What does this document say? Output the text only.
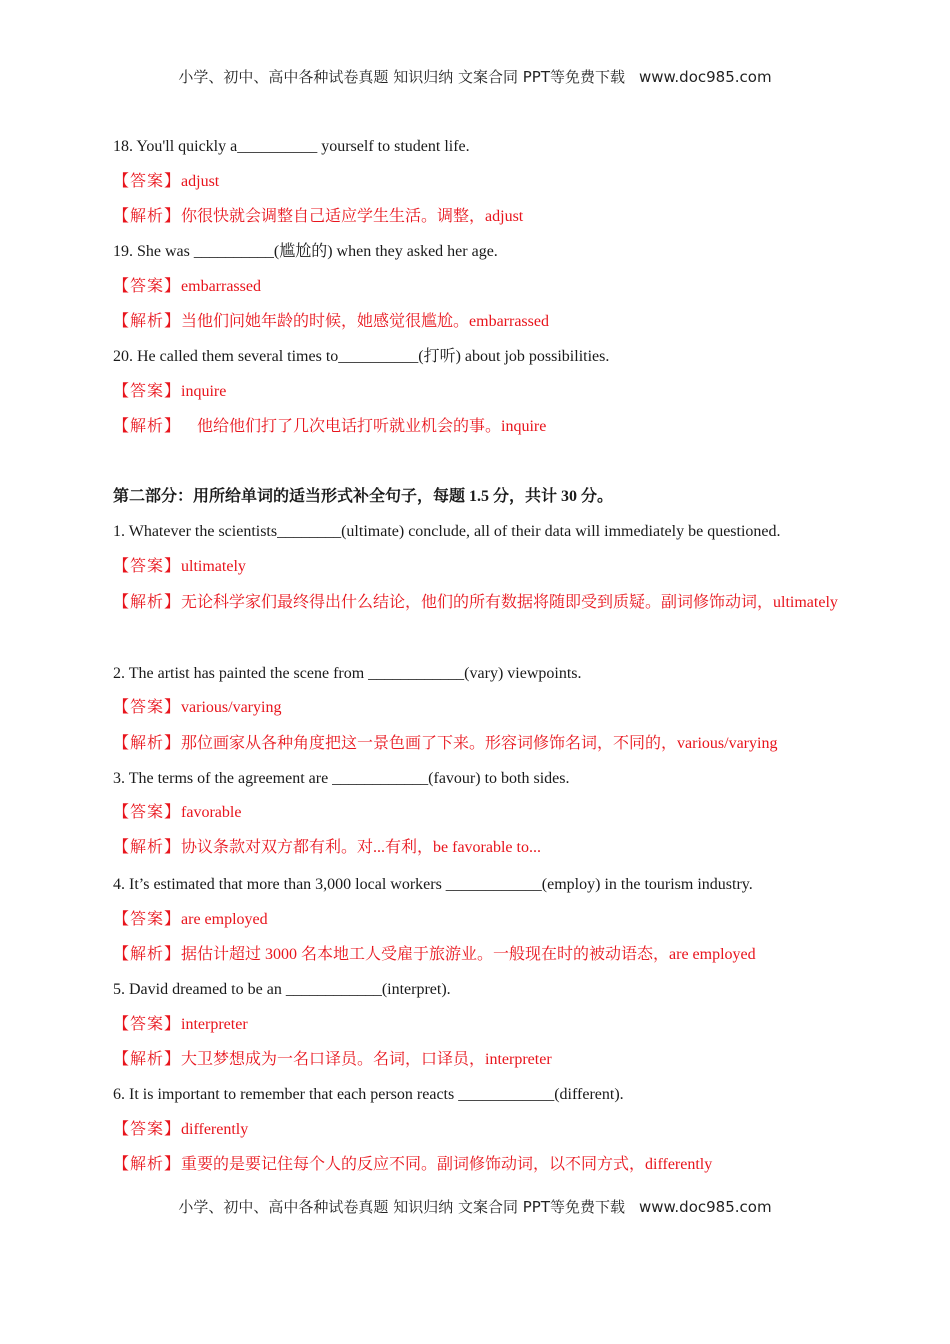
小学、初中、高中各种试卷真题 知识归纳 文案合同 PPT等免费下载 www.doc985.com
18. You'll quickly a__________ yourself to student life.
【答案】adjust
【解析】你很快就会调整自己适应学生生活。调整，adjust
19. She was __________(尴尬的) when they asked her age.
【答案】embarrassed
【解析】当他们问她年龄的时候，她感觉很尴尬。embarrassed
20. He called them several times to__________(打听) about job possibilities.
【答案】inquire
【解析】    他给他们打了几次电话打听就业机会的事。inquire
第二部分：用所给单词的适当形式补全句子，每题 1.5 分，共计 30 分。
1. Whatever the scientists________(ultimate) conclude, all of their data will immediately be questioned.
【答案】ultimately
【解析】无论科学家们最终得出什么结论，他们的所有数据将随即受到质疑。副词修饰动词，ultimately
2. The artist has painted the scene from ____________(vary) viewpoints.
【答案】various/varying
【解析】那位画家从各种角度把这一景色画了下来。形容词修饰名词，不同的，various/varying
3. The terms of the agreement are ____________(favour) to both sides.
【答案】favorable
【解析】协议条款对双方都有利。对...有利，be favorable to...
4. It’s estimated that more than 3,000 local workers ____________(employ) in the tourism industry.
【答案】are employed
【解析】据估计超过 3000 名本地工人受雇于旅游业。一般现在时的被动语态，are employed
5. David dreamed to be an ____________(interpret).
【答案】interpreter
【解析】大卫梦想成为一名口译员。名词，口译员，interpreter
6. It is important to remember that each person reacts ____________(different).
【答案】differently
【解析】重要的是要记住每个人的反应不同。副词修饰动词，以不同方式，differently
小学、初中、高中各种试卷真题 知识归纳 文案合同 PPT等免费下载 www.doc985.com
